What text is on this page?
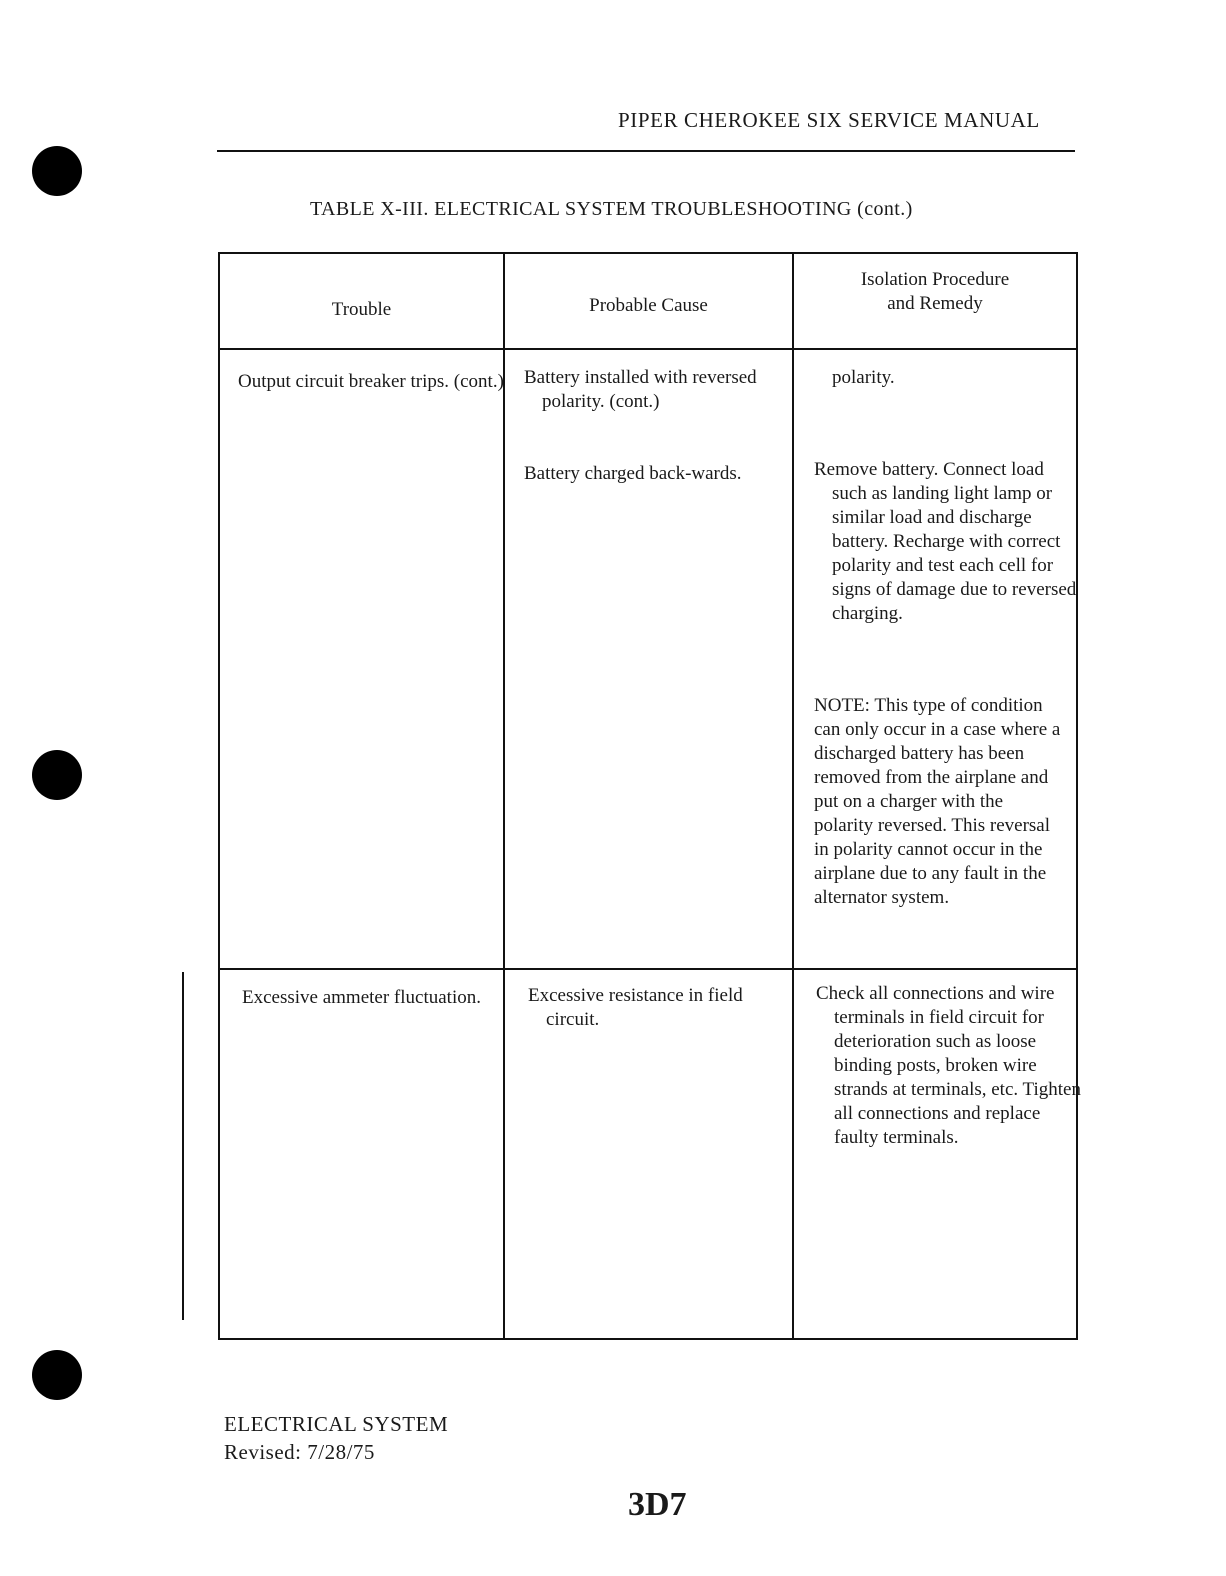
PIPER CHEROKEE SIX SERVICE MANUAL
TABLE X-III. ELECTRICAL SYSTEM TROUBLESHOOTING (cont.)
Trouble	Probable Cause
Isolation Procedure
and Remedy
Output circuit breaker trips. (cont.) Battery installed with reversed polarity. (cont.)
Battery charged back-wards.
polarity.
Remove battery. Connect load such as landing light lamp or similar load and discharge battery. Recharge with correct polarity and test each cell for signs of damage due to reversed charging.
NOTE: This type of condition can only occur in a case where a discharged battery has been removed from the airplane and put on a charger with the polarity reversed. This reversal in polarity cannot occur in the airplane due to any fault in the alternator system.
Excessive ammeter fluctuation.	Excessive resistance in field circuit.
Check all connections and wire terminals in field circuit for deterioration such as loose binding posts, broken wire strands at terminals, etc. Tighten all connections and replace faulty terminals.
ELECTRICAL SYSTEM
Revised: 7/28/75
3D7
